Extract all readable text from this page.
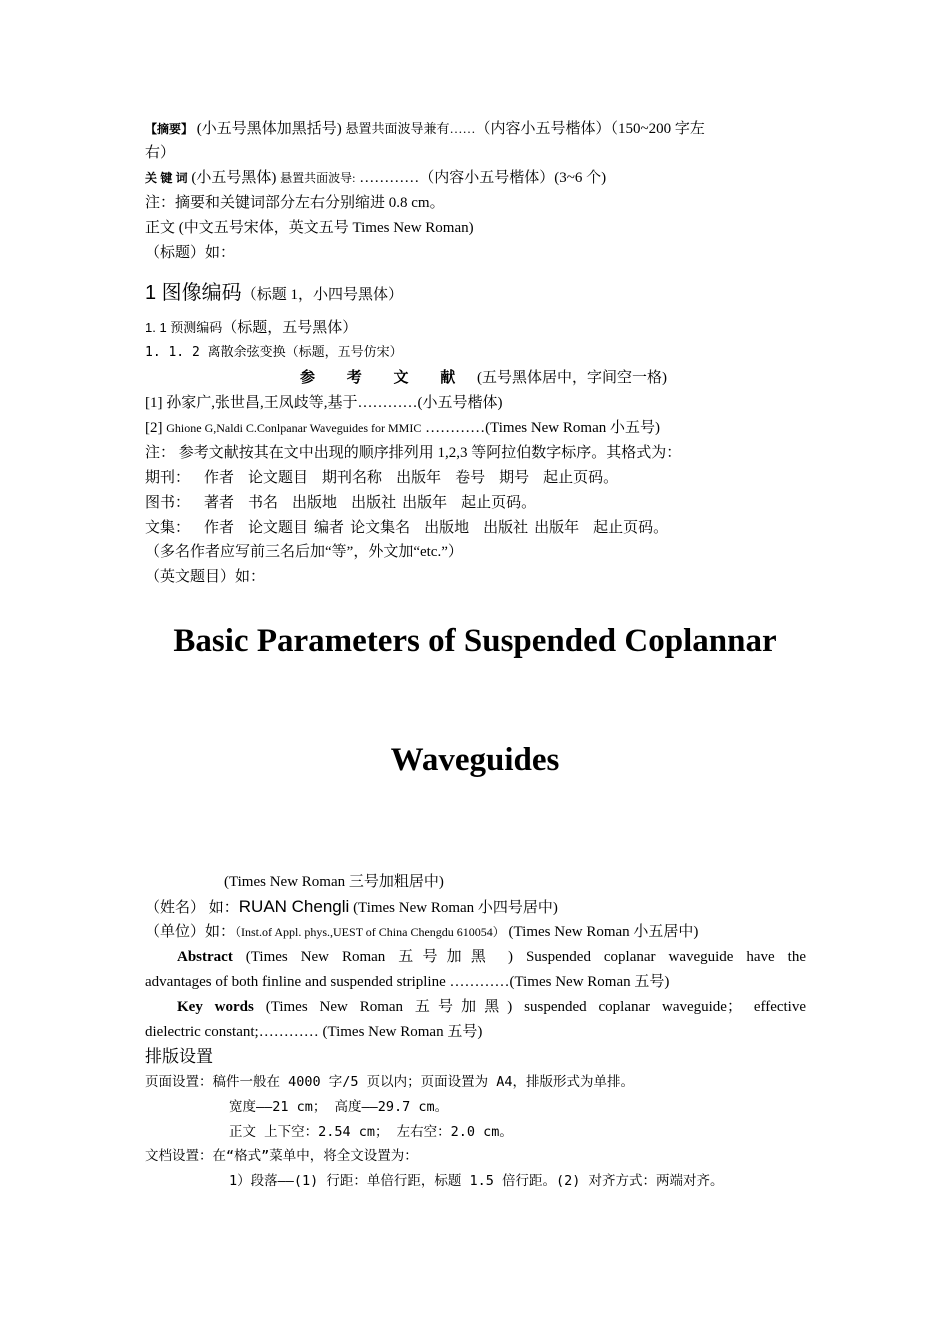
【摘要】 (小五号黑体加黑括号) 悬置共面波导兼有……（内容小五号楷体）（150~200 字左
右）
关 键 词 (小五号黑体) 悬置共面波导: …………（内容小五号楷体）(3~6 个)
注：摘要和关键词部分左右分别缩进 0.8 cm。
正文 (中文五号宋体，英文五号 Times New Roman)
（标题）如：
1 图像编码（标题 1，小四号黑体）
1. 1 预测编码（标题，五号黑体）
1. 1. 2 离散余弦变换（标题，五号仿宋）
参 考 文 献 (五号黑体居中，字间空一格)
[1] 孙家广,张世昌,王凤歧等,基于…………(小五号楷体)
[2] Ghione G,Naldi C.Conlpanar Waveguides for MMIC …………(Times New Roman 小五号)
注： 参考文献按其在文中出现的顺序排列用 1,2,3 等阿拉伯数字标序。其格式为：
期刊： 作者 论文题目 期刊名称 出版年 卷号 期号 起止页码。
图书： 著者 书名 出版地 出版社 出版年 起止页码。
文集： 作者 论文题目 编者 论文集名 出版地 出版社 出版年 起止页码。
（多名作者应写前三名后加“等”，外文加“etc.”）
（英文题目）如：
Basic Parameters of Suspended Coplannar
Waveguides
(Times New Roman 三号加粗居中)
（姓名） 如：RUAN Chengli (Times New Roman 小四号居中)
（单位）如：（Inst.of Appl. phys.,UEST of China Chengdu 610054） (Times New Roman 小五居中)
Abstract (Times New Roman 五号加黑 ) Suspended coplanar waveguide have the
advantages of both finline and suspended stripline …………(Times New Roman 五号)
Key words (Times New Roman 五号加黑) suspended coplanar waveguide； effective
dielectric constant;………… (Times New Roman 五号)
排版设置
页面设置：稿件一般在 4000 字/5 页以内；页面设置为 A4，排版形式为单排。
宽度——21 cm； 高度——29.7 cm。
正文 上下空：2.54 cm； 左右空：2.0 cm。
文档设置：在“格式”菜单中，将全文设置为：
1）段落——(1) 行距：单倍行距，标题 1.5 倍行距。(2) 对齐方式：两端对齐。
